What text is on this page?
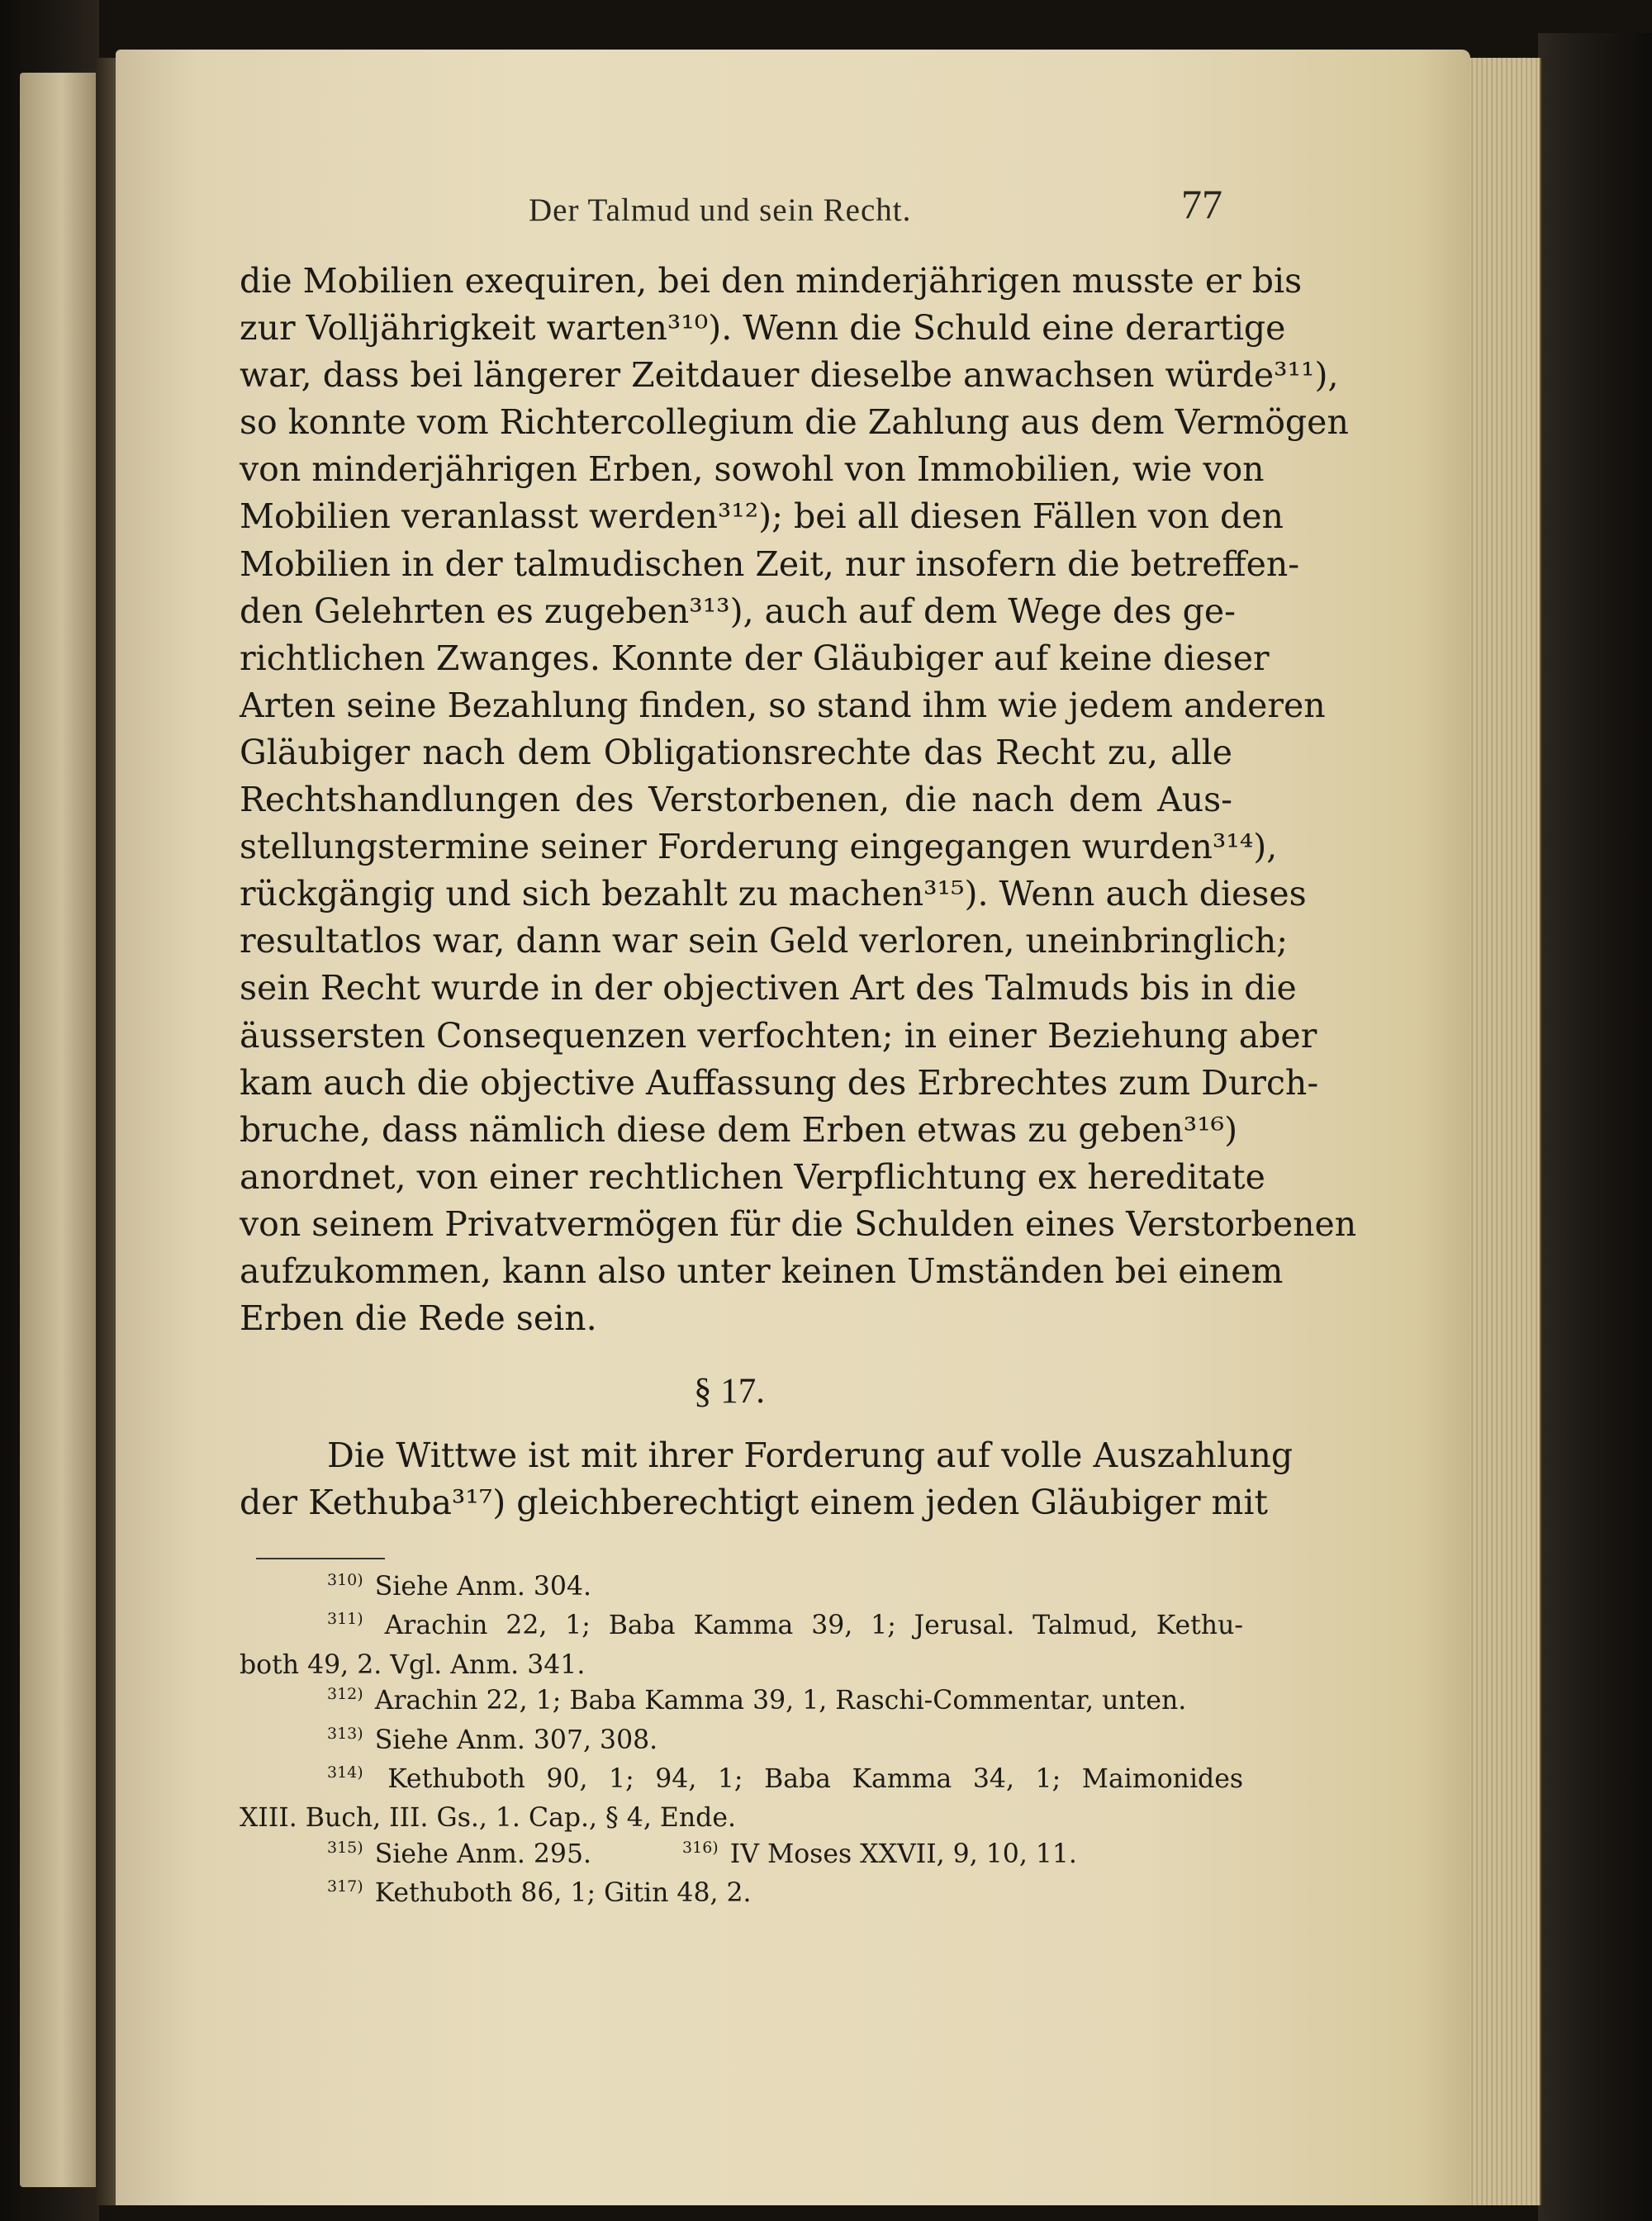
Der Talmud und sein Recht.	77
die Mobilien exequiren, bei den minderjährigen musste er bis
zur Volljährigkeit warten³¹⁰). Wenn die Schuld eine derartige
war, dass bei längerer Zeitdauer dieselbe anwachsen würde³¹¹),
so konnte vom Richtercollegium die Zahlung aus dem Vermögen
von minderjährigen Erben, sowohl von Immobilien, wie von
Mobilien veranlasst werden³¹²); bei all diesen Fällen von den
Mobilien in der talmudischen Zeit, nur insofern die betreffen-
den Gelehrten es zugeben³¹³), auch auf dem Wege des ge-
richtlichen Zwanges. Konnte der Gläubiger auf keine dieser
Arten seine Bezahlung finden, so stand ihm wie jedem anderen
Gläubiger nach dem Obligationsrechte das Recht zu, alle
Rechtshandlungen des Verstorbenen, die nach dem Aus-
stellungstermine seiner Forderung eingegangen wurden³¹⁴),
rückgängig und sich bezahlt zu machen³¹⁵). Wenn auch dieses
resultatlos war, dann war sein Geld verloren, uneinbringlich;
sein Recht wurde in der objectiven Art des Talmuds bis in die
äussersten Consequenzen verfochten; in einer Beziehung aber
kam auch die objective Auffassung des Erbrechtes zum Durch-
bruche, dass nämlich diese dem Erben etwas zu geben³¹⁶)
anordnet, von einer rechtlichen Verpflichtung ex hereditate
von seinem Privatvermögen für die Schulden eines Verstorbenen
aufzukommen, kann also unter keinen Umständen bei einem
Erben die Rede sein.
§ 17.
Die Wittwe ist mit ihrer Forderung auf volle Auszahlung
der Kethuba³¹⁷) gleichberechtigt einem jeden Gläubiger mit
$^{310)}$ Siehe Anm. 304.
$^{311)}$ Arachin 22, 1; Baba Kamma 39, 1; Jerusal. Talmud, Kethu-
both 49, 2. Vgl. Anm. 341.
$^{312)}$ Arachin 22, 1; Baba Kamma 39, 1, Raschi-Commentar, unten.
$^{313)}$ Siehe Anm. 307, 308.
$^{314)}$ Kethuboth 90, 1; 94, 1; Baba Kamma 34, 1; Maimonides
XIII. Buch, III. Gs., 1. Cap., § 4, Ende.
$^{315)}$ Siehe Anm. 295.	$^{316)}$ IV Moses XXVII, 9, 10, 11.
$^{317)}$ Kethuboth 86, 1; Gitin 48, 2.
